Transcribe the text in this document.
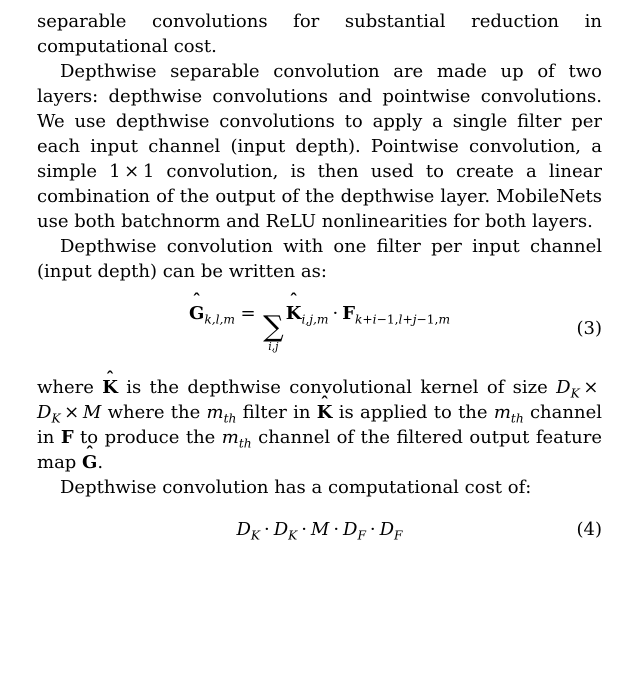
separable convolutions for substantial reduction in computational cost.

Depthwise separable convolution are made up of two layers: depthwise convolutions and pointwise convolutions. We use depthwise convolutions to apply a single filter per each input channel (input depth). Pointwise convolution, a simple 1 × 1 convolution, is then used to create a linear combination of the output of the depthwise layer. MobileNets use both batchnorm and ReLU nonlinearities for both layers.

Depthwise convolution with one filter per input channel (input depth) can be written as:

G ˆ$_{k,l,m}$ = ∑
i,j
K ˆ$_{i,j,m}$ · $F_{k+i-1,l+j-1,m}$	(3)

where K ˆ is the depthwise convolutional kernel of size $D_K \times D_K \times M$ where the $m_{th}$ filter in K ˆ is applied to the $m_{th}$ channel in F to produce the $m_{th}$ channel of the filtered output feature map G ˆ.

Depthwise convolution has a computational cost of:

$D_K \cdot D_K \cdot M \cdot D_F \cdot D_F$	(4)
